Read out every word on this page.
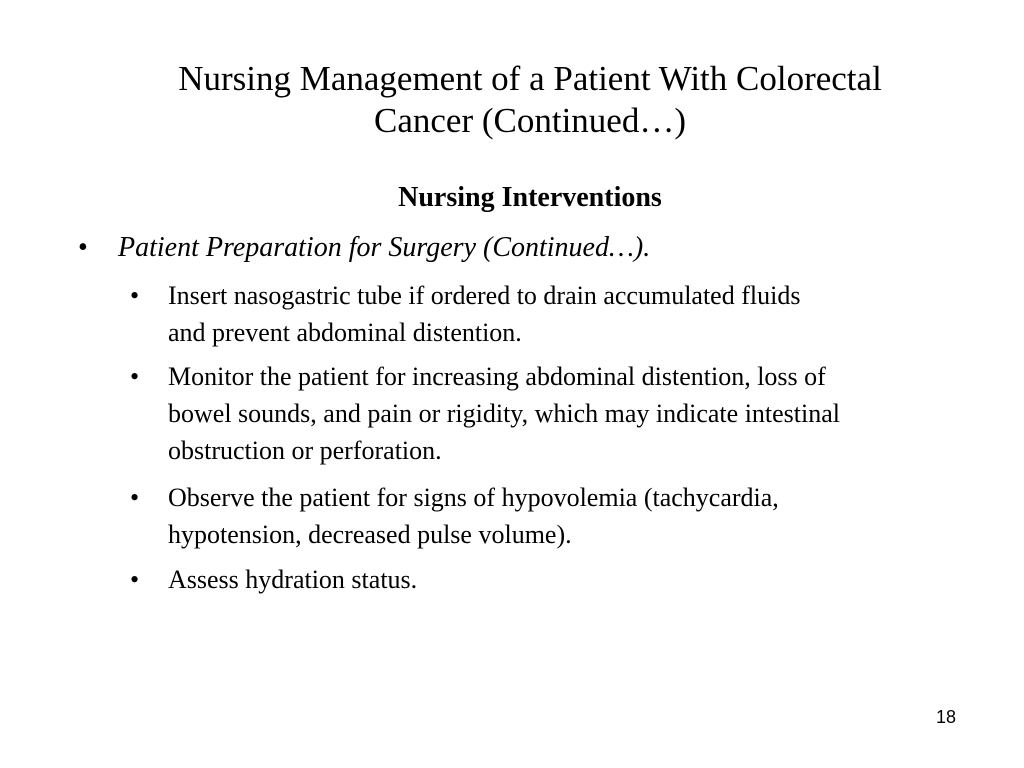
Nursing Management of a Patient With Colorectal
Cancer (Continued…)
Nursing Interventions
• Patient Preparation for Surgery (Continued…).
• Insert nasogastric tube if ordered to drain accumulated fluids
and prevent abdominal distention.
• Monitor the patient for increasing abdominal distention, loss of
bowel sounds, and pain or rigidity, which may indicate intestinal
obstruction or perforation.
• Observe the patient for signs of hypovolemia (tachycardia,
hypotension, decreased pulse volume).
• Assess hydration status.
18
